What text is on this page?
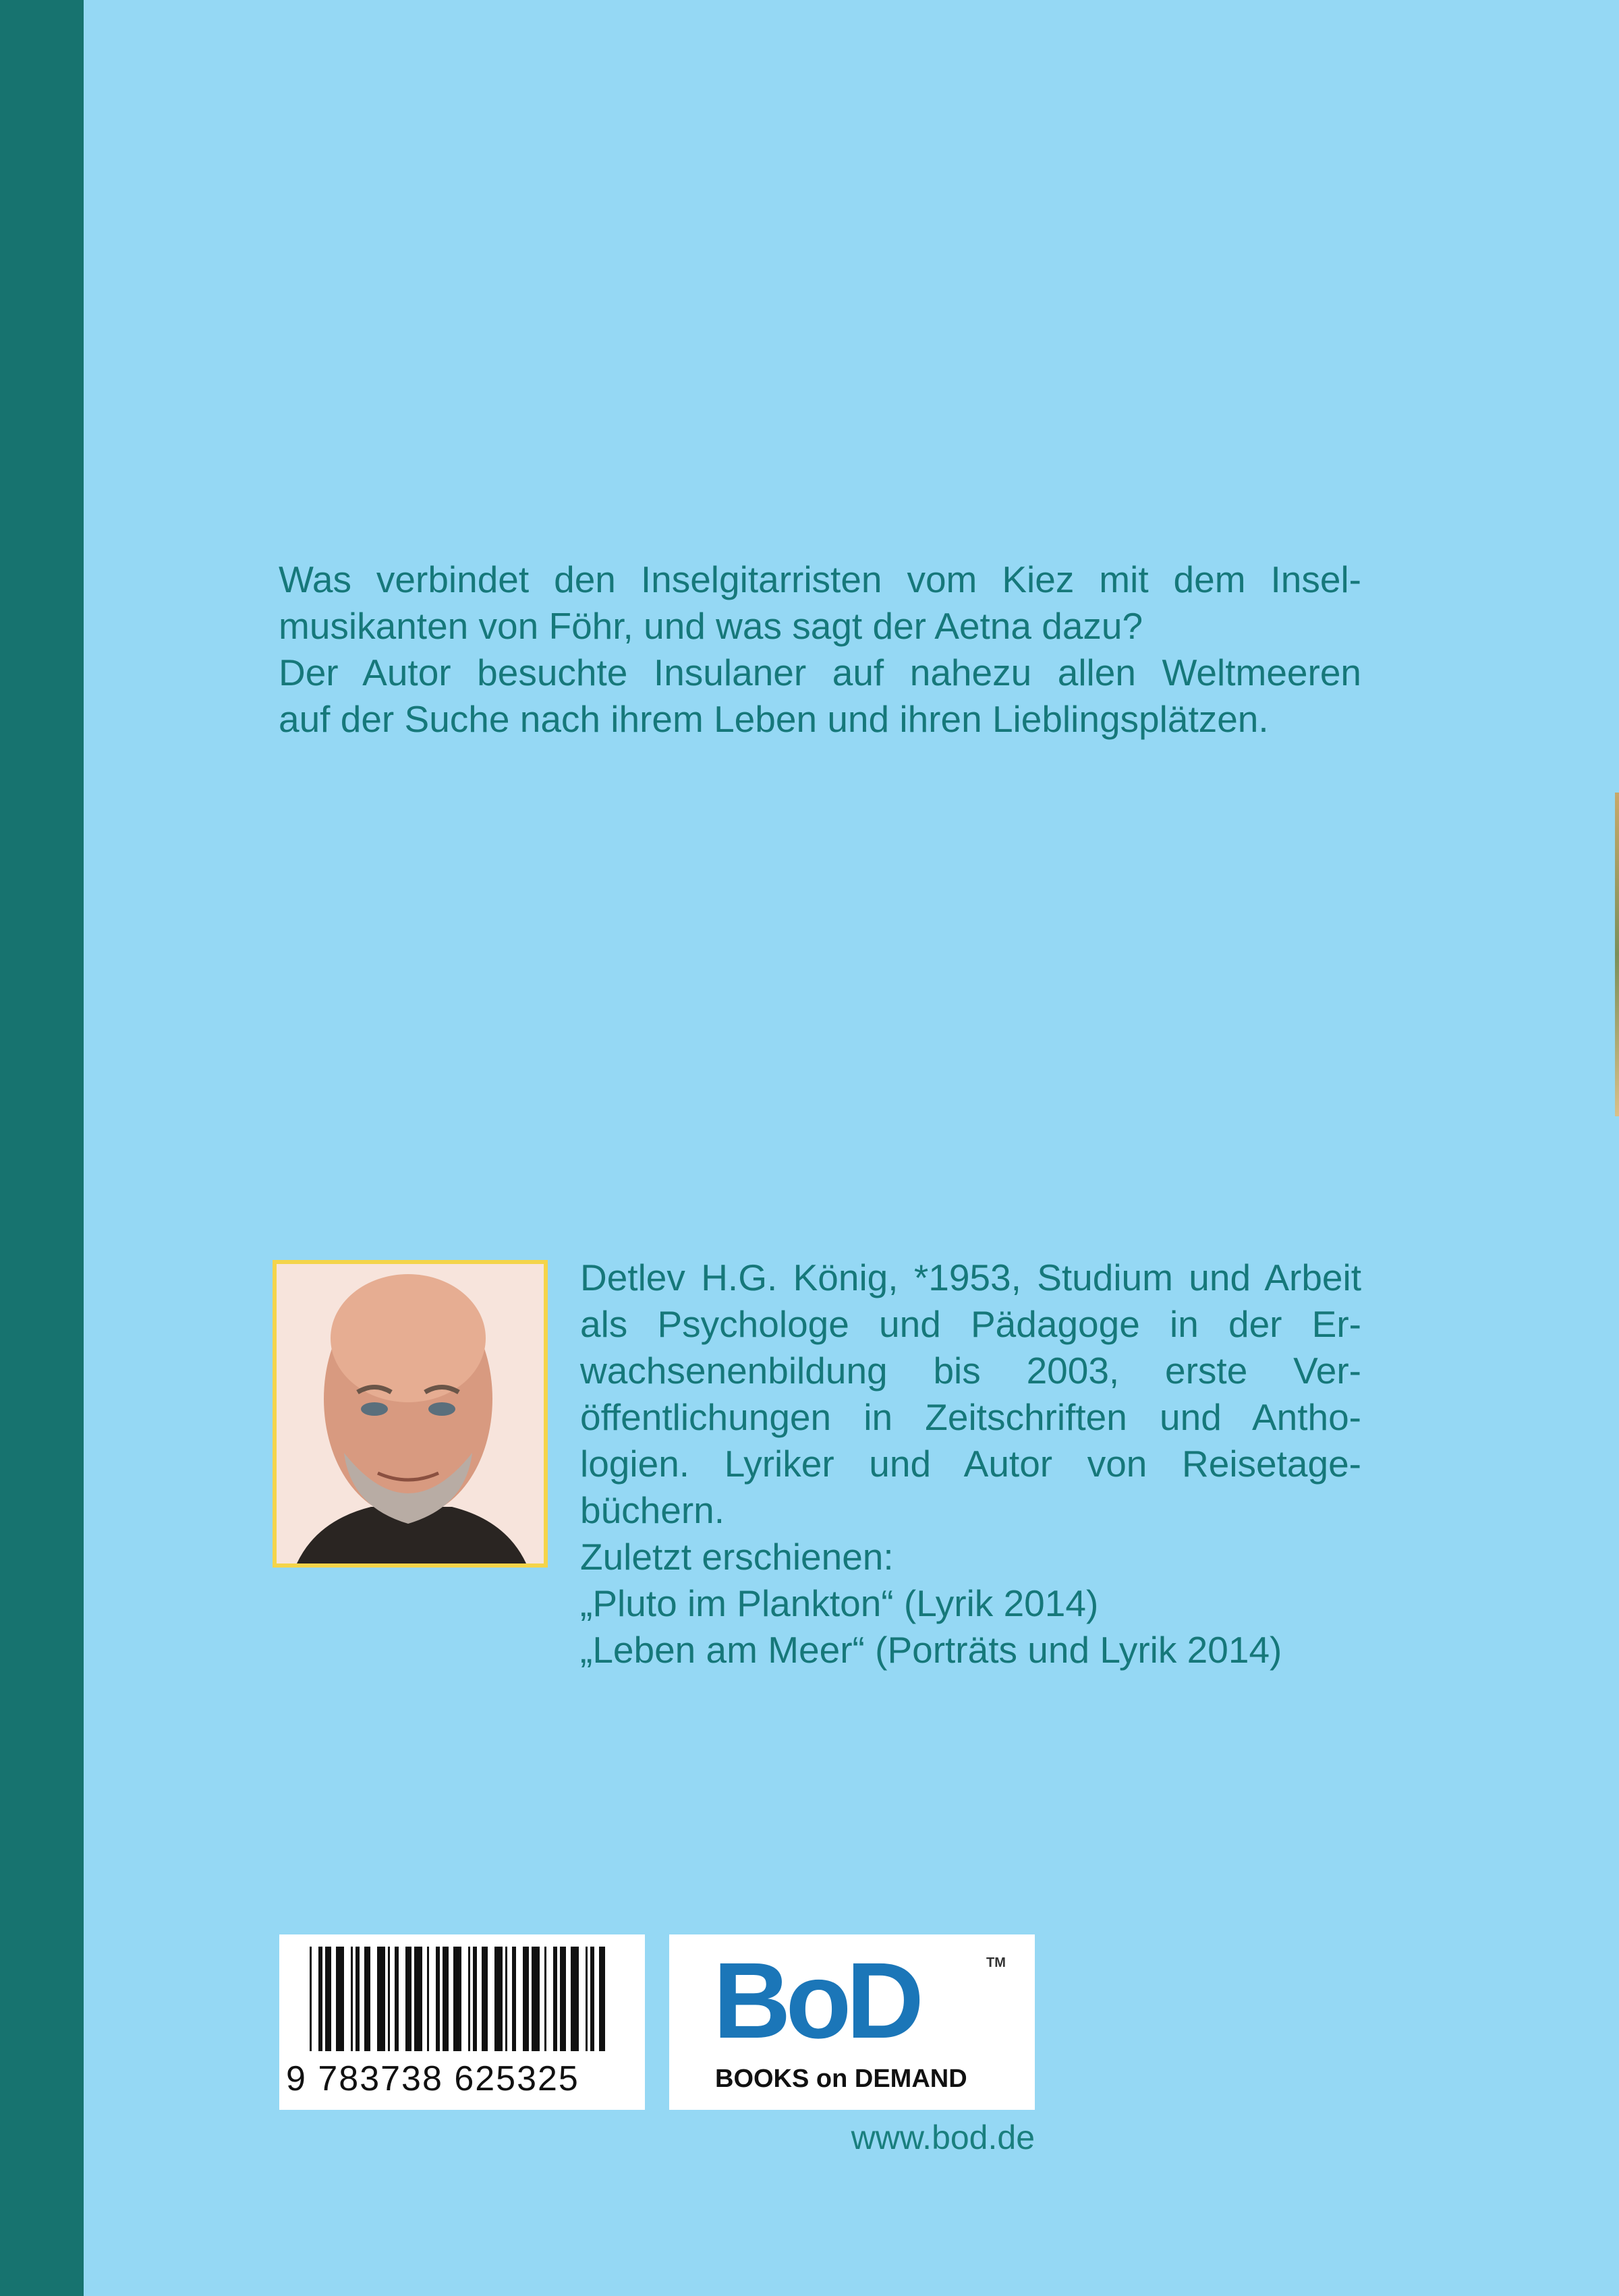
Was verbindet den Inselgitarristen vom Kiez mit dem Insel-
musikanten von Föhr, und was sagt der Aetna dazu?
Der Autor besuchte Insulaner auf nahezu allen Weltmeeren
auf der Suche nach ihrem Leben und ihren Lieblingsplätzen.
Detlev H.G. König, *1953, Studium und Arbeit
als Psychologe und Pädagoge in der Er-
wachsenenbildung bis 2003, erste Ver-
öffentlichungen in Zeitschriften und Antho-
logien. Lyriker und Autor von Reisetage-
büchern.
Zuletzt erschienen:
„Pluto im Plankton“ (Lyrik 2014)
„Leben am Meer“ (Porträts und Lyrik 2014)
9 783738 625325
BoD	TM
BOOKS on DEMAND
www.bod.de
